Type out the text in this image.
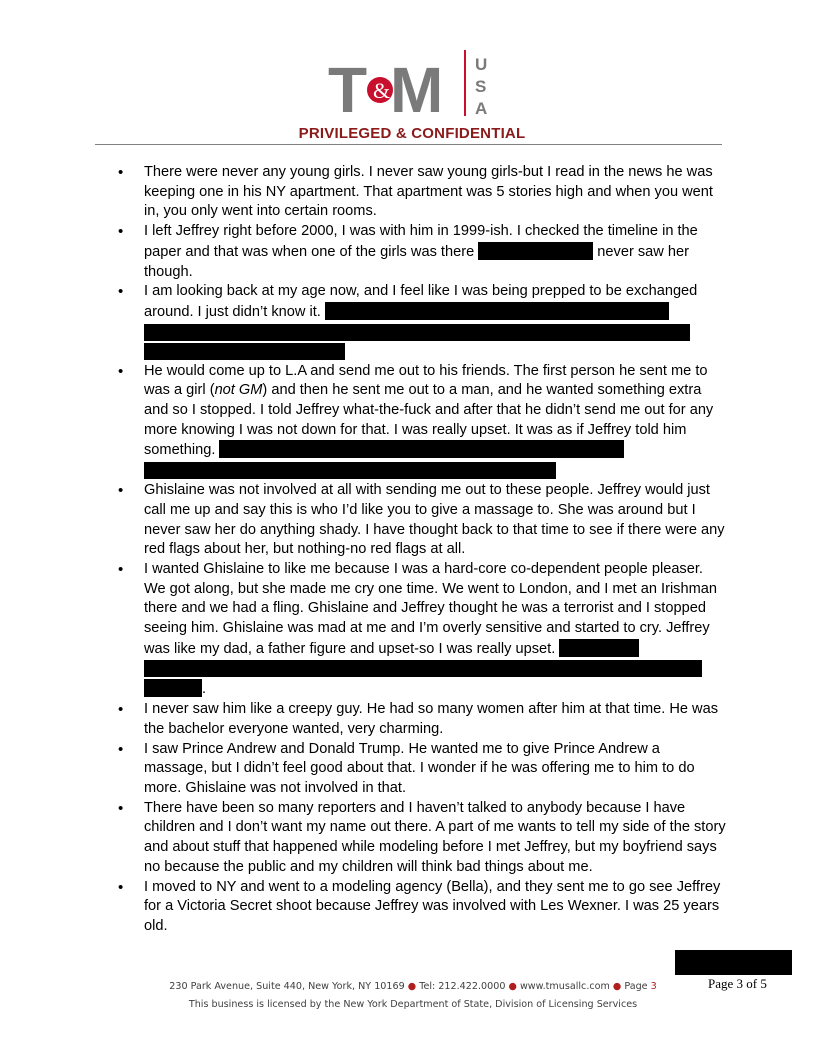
T & M U
S
A
PRIVILEGED & CONFIDENTIAL
• There were never any young girls. I never saw young girls-but I read in the news he was keeping one in his NY apartment. That apartment was 5 stories high and when you went in, you only went into certain rooms.
• I left Jeffrey right before 2000, I was with him in 1999-ish. I checked the timeline in the paper and that was when one of the girls was there	never saw her though.
• I am looking back at my age now, and I feel like I was being prepped to be exchanged around. I just didn’t know it.
• He would come up to L.A and send me out to his friends. The first person he sent me to was a girl (not GM) and then he sent me out to a man, and he wanted something extra and so I stopped. I told Jeffrey what-the-fuck and after that he didn’t send me out for any more knowing I was not down for that. I was really upset. It was as if Jeffrey told him something.
• Ghislaine was not involved at all with sending me out to these people. Jeffrey would just call me up and say this is who I’d like you to give a massage to. She was around but I never saw her do anything shady. I have thought back to that time to see if there were any red flags about her, but nothing-no red flags at all.
• I wanted Ghislaine to like me because I was a hard-core co-dependent people pleaser. We got along, but she made me cry one time. We went to London, and I met an Irishman there and we had a fling. Ghislaine and Jeffrey thought he was a terrorist and I stopped seeing him. Ghislaine was mad at me and I’m overly sensitive and started to cry. Jeffrey was like my dad, a father figure and upset-so I was really upset.
.
• I never saw him like a creepy guy. He had so many women after him at that time. He was the bachelor everyone wanted, very charming.
• I saw Prince Andrew and Donald Trump. He wanted me to give Prince Andrew a massage, but I didn’t feel good about that. I wonder if he was offering me to him to do more. Ghislaine was not involved in that.
• There have been so many reporters and I haven’t talked to anybody because I have children and I don’t want my name out there. A part of me wants to tell my side of the story and about stuff that happened while modeling before I met Jeffrey, but my boyfriend says no because the public and my children will think bad things about me.
• I moved to NY and went to a modeling agency (Bella), and they sent me to go see Jeffrey for a Victoria Secret shoot because Jeffrey was involved with Les Wexner. I was 25 years old.
Page 3 of 5
230 Park Avenue, Suite 440, New York, NY 10169 ● Tel: 212.422.0000 ● www.tmusallc.com ● Page 3
This business is licensed by the New York Department of State, Division of Licensing Services
